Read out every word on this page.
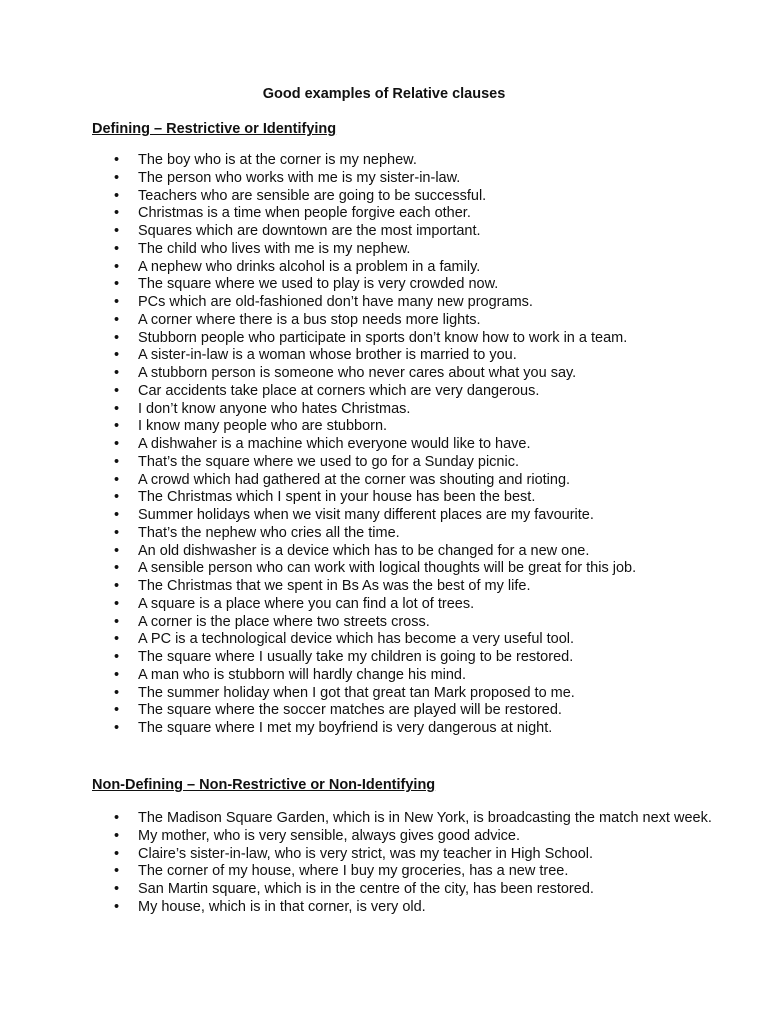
Good examples of Relative clauses
Defining – Restrictive or Identifying
• The boy who is at the corner is my nephew.
• The person who works with me is my sister-in-law.
• Teachers who are sensible are going to be successful.
• Christmas is a time when people forgive each other.
• Squares which are downtown are the most important.
• The child who lives with me is my nephew.
• A nephew who drinks alcohol is a problem in a family.
• The square where we used to play is very crowded now.
• PCs which are old-fashioned don’t have many new programs.
• A corner where there is a bus stop needs more lights.
• Stubborn people who participate in sports don’t know how to work in a team.
• A sister-in-law is a woman whose brother is married to you.
• A stubborn person is someone who never cares about what you say.
• Car accidents take place at corners which are very dangerous.
• I don’t know anyone who hates Christmas.
• I know many people who are stubborn.
• A dishwaher is a machine which everyone would like to have.
• That’s the square where we used to go for a Sunday picnic.
• A crowd which had gathered at the corner was shouting and rioting.
• The Christmas which I spent in your house has been the best.
• Summer holidays when we visit many different places are my favourite.
• That’s the nephew who cries all the time.
• An old dishwasher is a device which has to be changed for a new one.
• A sensible person who can work with logical thoughts will be great for this job.
• The Christmas that we spent in Bs As was the best of my life.
• A square is a place where you can find a lot of trees.
• A corner is the place where two streets cross.
• A PC is a technological device which has become a very useful tool.
• The square where I usually take my children is going to be restored.
• A man who is stubborn will hardly change his mind.
• The summer holiday when I got that great tan Mark proposed to me.
• The square where the soccer matches are played will be restored.
• The square where I met my boyfriend is very dangerous at night.
Non-Defining – Non-Restrictive or Non-Identifying
• The Madison Square Garden, which is in New York, is broadcasting the match next week.
• My mother, who is very sensible, always gives good advice.
• Claire’s sister-in-law, who is very strict, was my teacher in High School.
• The corner of my house, where I buy my groceries, has a new tree.
• San Martin square, which is in the centre of the city, has been restored.
• My house, which is in that corner, is very old.
